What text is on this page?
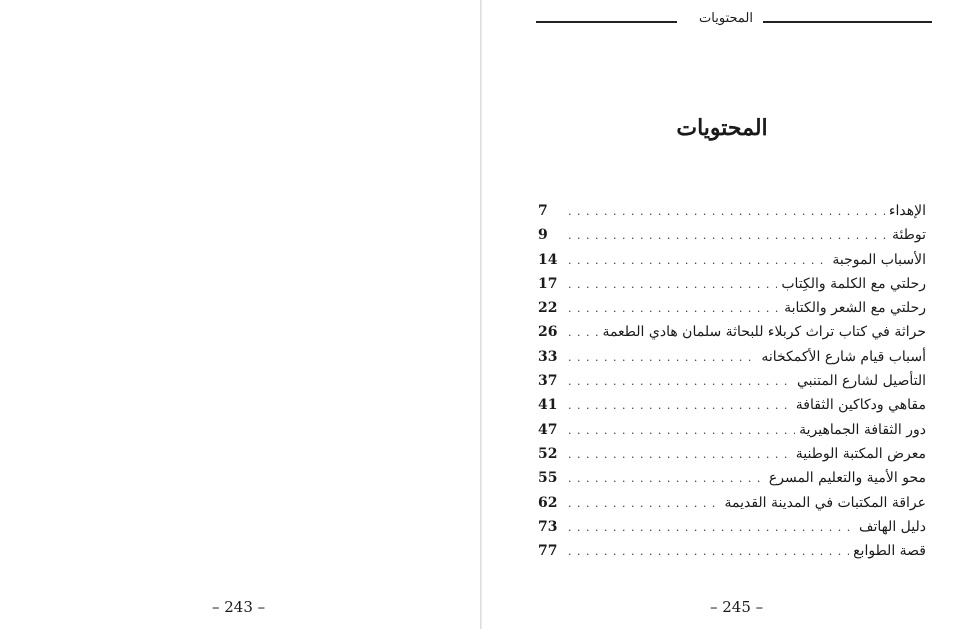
– 243 –
المحتويات
المحتويات
7 . . .	الإهداء
9 . . .	توطئة
14 . . .	الأسباب الموجبة
17 . . .	رحلتي مع الكلمة والكِتاب
22 . . .	رحلتي مع الشعر والكتابة
26 . . .	حراثة في كتاب تراث كربلاء للبحاثة سلمان هادي الطعمة
33 . . .	أسباب قيام شارع الأكمكخانه
37 . . .	التأصيل لشارع المتنبي
41 . . .	مقاهي ودكاكين الثقافة
47 . . .	دور الثقافة الجماهيرية
52 . . .	معرض المكتبة الوطنية
55 . . .	محو الأمية والتعليم المسرع
62 . . .	عراقة المكتبات في المدينة القديمة
73 . . .	دليل الهاتف
77 . . .	قصة الطوابع
– 245 –
